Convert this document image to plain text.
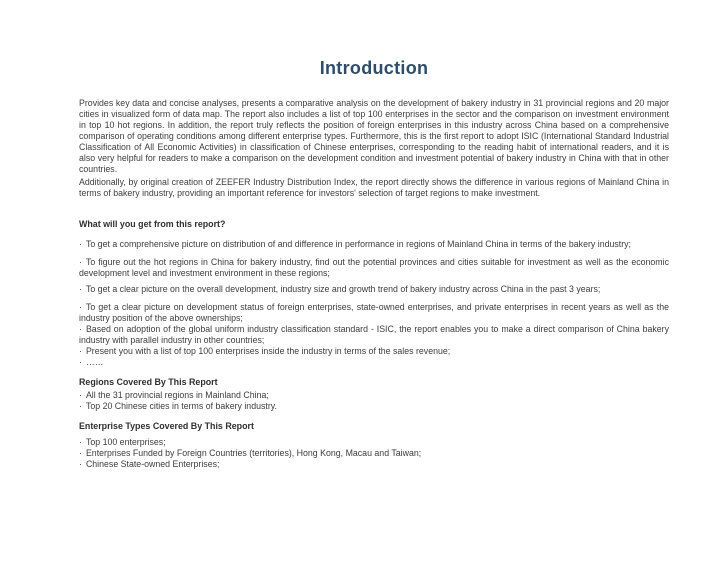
Introduction

Provides key data and concise analyses, presents a comparative analysis on the development of bakery industry in 31 provincial regions and 20 major cities in visualized form of data map. The report also includes a list of top 100 enterprises in the sector and the comparison on investment environment in top 10 hot regions. In addition, the report truly reflects the position of foreign enterprises in this industry across China based on a comprehensive comparison of operating conditions among different enterprise types. Furthermore, this is the first report to adopt ISIC (International Standard Industrial Classification of All Economic Activities) in classification of Chinese enterprises, corresponding to the reading habit of international readers, and it is also very helpful for readers to make a comparison on the development condition and investment potential of bakery industry in China with that in other countries.

Additionally, by original creation of ZEEFER Industry Distribution Index, the report directly shows the difference in various regions of Mainland China in terms of bakery industry, providing an important reference for investors' selection of target regions to make investment.

What will you get from this report?

· To get a comprehensive picture on distribution of and difference in performance in regions of Mainland China in terms of the bakery industry;

· To figure out the hot regions in China for bakery industry, find out the potential provinces and cities suitable for investment as well as the economic development level and investment environment in these regions;

· To get a clear picture on the overall development, industry size and growth trend of bakery industry across China in the past 3 years;

· To get a clear picture on development status of foreign enterprises, state-owned enterprises, and private enterprises in recent years as well as the industry position of the above ownerships;

· Based on adoption of the global uniform industry classification standard - ISIC, the report enables you to make a direct comparison of China bakery industry with parallel industry in other countries;

· Present you with a list of top 100 enterprises inside the industry in terms of the sales revenue;

· ……

Regions Covered By This Report

· All the 31 provincial regions in Mainland China;

· Top 20 Chinese cities in terms of bakery industry.

Enterprise Types Covered By This Report

· Top 100 enterprises;

· Enterprises Funded by Foreign Countries (territories), Hong Kong, Macau and Taiwan;

· Chinese State-owned Enterprises;
